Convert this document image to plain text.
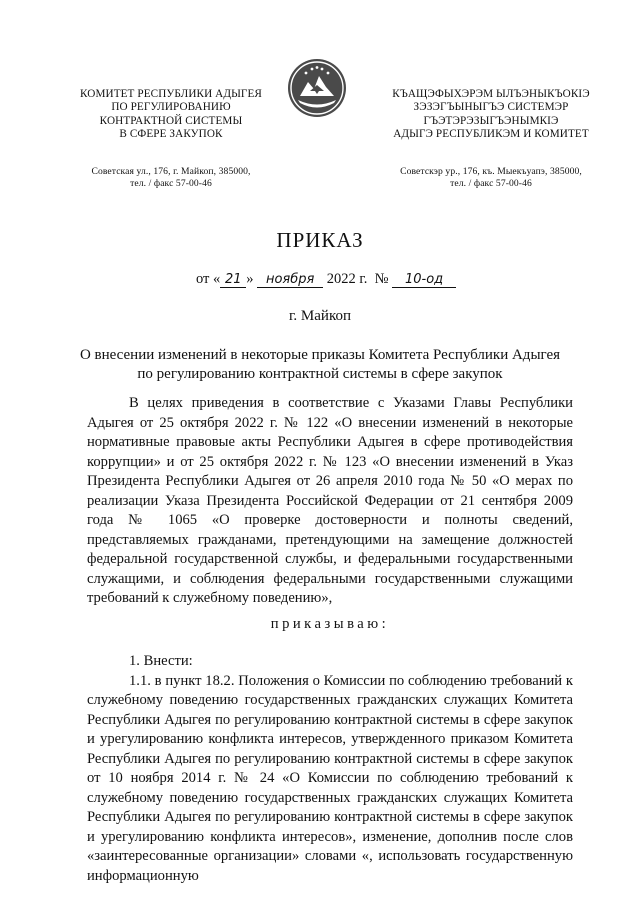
КОМИТЕТ РЕСПУБЛИКИ АДЫГЕЯ
ПО РЕГУЛИРОВАНИЮ
КОНТРАКТНОЙ СИСТЕМЫ
В СФЕРЕ ЗАКУПОК
Советская ул., 176, г. Майкоп, 385000,
тел. / факс 57-00-46
КЪАЩЭФЫХЭРЭМ ЫЛЪЭНЫКЪОКІЭ
ЗЭЗЭГЪЫНЫГЪЭ СИСТЕМЭР
ГЪЭТЭРЭЗЫГЪЭНЫМКІЭ
АДЫГЭ РЕСПУБЛИКЭМ И КОМИТЕТ
Советскэр ур., 176, къ. Мыекъуапэ, 385000,
тел. / факс 57-00-46
ПРИКАЗ
от « 21 » ноября 2022 г. № 10-од
г. Майкоп
О внесении изменений в некоторые приказы Комитета Республики Адыгея
по регулированию контрактной системы в сфере закупок

В целях приведения в соответствие с Указами Главы Республики Адыгея от 25 октября 2022 г. № 122 «О внесении изменений в некоторые нормативные правовые акты Республики Адыгея в сфере противодействия коррупции» и от 25 октября 2022 г. № 123 «О внесении изменений в Указ Президента Республики Адыгея от 26 апреля 2010 года № 50 «О мерах по реализации Указа Президента Российской Федерации от 21 сентября 2009 года № 1065 «О проверке достоверности и полноты сведений, представляемых гражданами, претендующими на замещение должностей федеральной государственной службы, и федеральными государственными служащими, и соблюдения федеральными государственными служащими требований к служебному поведению»,

приказываю:

1. Внести:

1.1. в пункт 18.2. Положения о Комиссии по соблюдению требований к служебному поведению государственных гражданских служащих Комитета Республики Адыгея по регулированию контрактной системы в сфере закупок и урегулированию конфликта интересов, утвержденного приказом Комитета Республики Адыгея по регулированию контрактной системы в сфере закупок от 10 ноября 2014 г. № 24 «О Комиссии по соблюдению требований к служебному поведению государственных гражданских служащих Комитета Республики Адыгея по регулированию контрактной системы в сфере закупок и урегулированию конфликта интересов», изменение, дополнив после слов «заинтересованные организации» словами «, использовать государственную информационную
